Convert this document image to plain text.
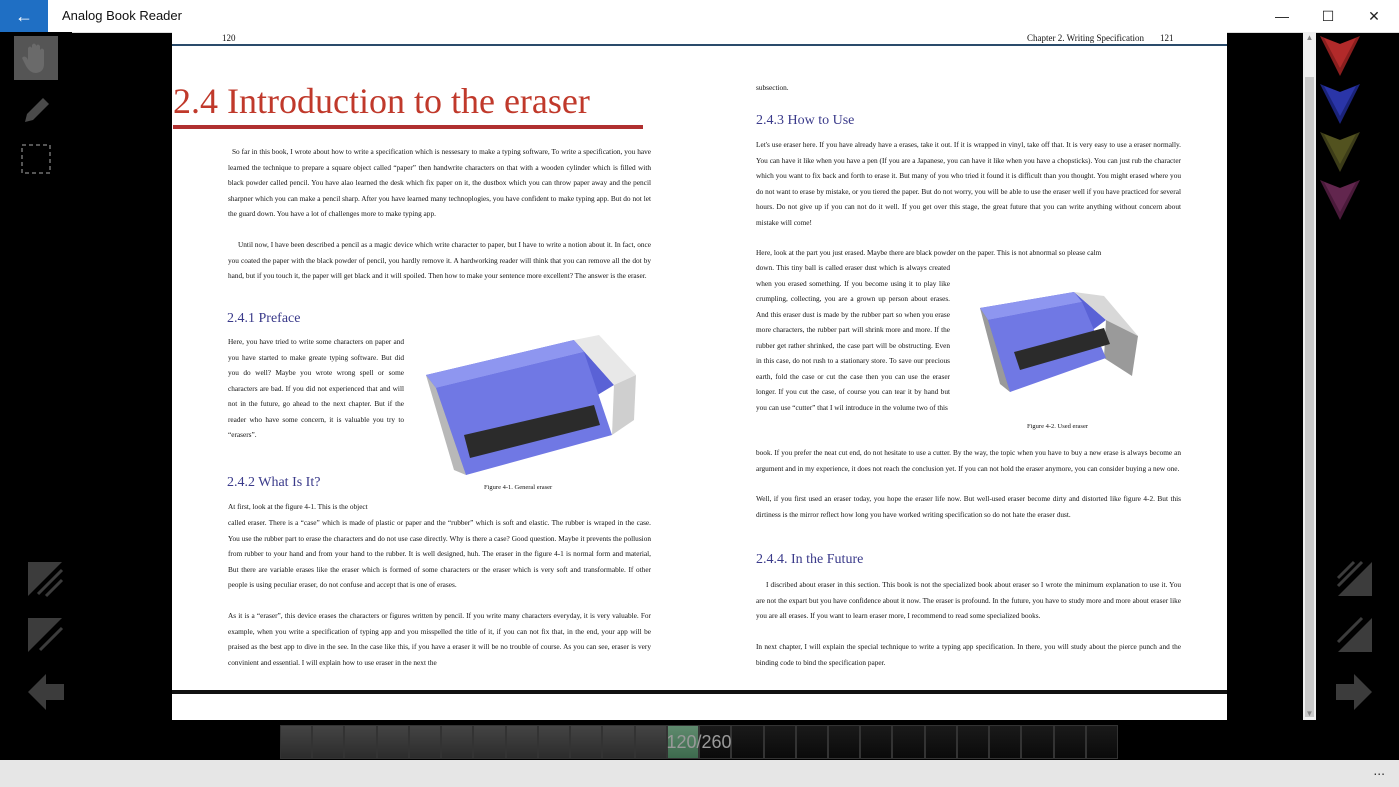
← Analog Book Reader	—	☐	✕
120	Chapter 2. Writing Specification 121
2.4 Introduction to the eraser
So far in this book, I wrote about how to write a specification which is nessesary to make a typing software, To write a specification, you have learned the technique to prepare a square object called “paper” then handwrite characters on that with a wooden cylinder which is filled with black powder called pencil. You have alao learned the desk which fix paper on it, the dustbox which you can throw paper away and the pencil sharpner which you can make a pencil sharp. After you have learned many technoplogies, you have confident to make typing app. But do not let the guard down. You have a lot of challenges more to make typing app.
Until now, I have been described a pencil as a magic device which write character to paper, but I have to write a notion about it. In fact, once you coated the paper with the black powder of pencil, you hardly remove it. A hardworking reader will think that you can remove all the dot by hand, but if you touch it, the paper will get black and it will spoiled. Then how to make your sentence more excellent? The answer is the eraser.
2.4.1 Preface
Here, you have tried to write some characters on paper and you have started to make greate typing software. But did you do well? Maybe you wrote wrong spell or some characters are bad. If you did not experienced that and will not in the future, go ahead to the next chapter. But if the reader who have some concern, it is valuable you try to “erasers”.
Figure 4-1. General eraser
2.4.2 What Is It?
At first, look at the figure 4-1. This is the object
called eraser. There is a “case” which is made of plastic or paper and the “rubber” which is soft and elastic. The rubber is wraped in the case. You use the rubber part to erase the characters and do not use case directly. Why is there a case? Good question. Maybe it prevents the pollusion from rubber to your hand and from your hand to the rubber. It is well designed, huh. The eraser in the figure 4-1 is normal form and material, But there are variable erases like the eraser which is formed of some characters or the eraser which is very soft and transformable. If other people is using peculiar eraser, do not confuse and accept that is one of erases.
As it is a “eraser”, this device erases the characters or figures written by pencil. If you write many characters everyday, it is very valuable. For example, when you write a specification of typing app and you misspelled the title of it, if you can not fix that, in the end, your app will be praised as the best app to dive in the see. In the case like this, if you have a eraser it will be no trouble of course. As you can see, eraser is very convinient and essential. I will explain how to use eraser in the next the
subsection.
2.4.3 How to Use
Let's use eraser here. If you have already have a erases, take it out. If it is wrapped in vinyl, take off that. It is very easy to use a eraser normally. You can have it like when you have a pen (If you are a Japanese, you can have it like when you have a chopsticks). You can just rub the character which you want to fix back and forth to erase it. But many of you who tried it found it is difficult than you thought. You might erased where you do not want to erase by mistake, or you tiered the paper. But do not worry, you will be able to use the eraser well if you have practiced for several hours. Do not give up if you can not do it well. If you get over this stage, the great future that you can write anything without concern about mistake will come!
Here, look at the part you just erased. Maybe there are black powder on the paper. This is not abnormal so please calm
down. This tiny ball is called eraser dust which is always created when you erased something. If you become using it to play like crumpling, collecting, you are a grown up person about erases. And this eraser dust is made by the rubber part so when you erase more characters, the rubber part will shrink more and more. If the rubber get rather shrinked, the case part will be obstructing. Even in this case, do not rush to a stationary store. To save our precious earth, fold the case or cut the case then you can use the eraser longer. If you cut the case, of course you can tear it by hand but you can use “cutter” that I wil introduce in the volume two of this
Figure 4-2. Used eraser
book. If you prefer the neat cut end, do not hesitate to use a cutter. By the way, the topic when you have to buy a new erase is always become an argument and in my experience, it does not reach the conclusion yet. If you can not hold the eraser anymore, you can consider buying a new one.
Well, if you first used an eraser today, you hope the eraser life now. But well-used eraser become dirty and distorted like figure 4-2. But this dirtiness is the mirror reflect how long you have worked writing specification so do not hate the eraser dust.
2.4.4. In the Future
I discribed about eraser in this section. This book is not the specialized book about eraser so I wrote the minimum explanation to use it. You are not the expart but you have confidence about it now. The eraser is profound. In the future, you have to study more and more about eraser like you are all erases. If you want to learn eraser more, I recommend to read some specialized books.
In next chapter, I will explain the special technique to write a typing app specification. In there, you will study about the pierce punch and the binding code to bind the specification paper.
▲
▼
120/260
...
